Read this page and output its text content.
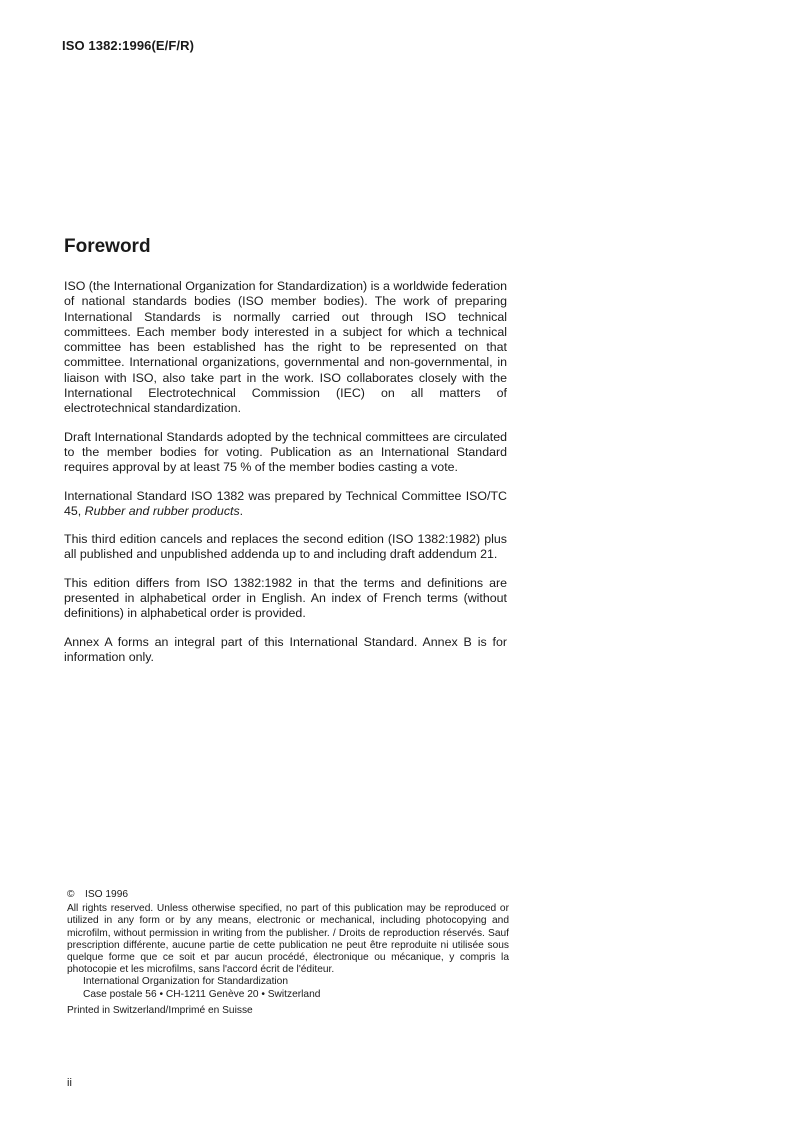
ISO 1382:1996(E/F/R)
Foreword

ISO (the International Organization for Standardization) is a worldwide federation of national standards bodies (ISO member bodies). The work of preparing International Standards is normally carried out through ISO technical committees. Each member body interested in a subject for which a technical committee has been established has the right to be represented on that committee. International organizations, governmental and non-governmental, in liaison with ISO, also take part in the work. ISO collaborates closely with the International Electrotechnical Commission (IEC) on all matters of electrotechnical standardization.

Draft International Standards adopted by the technical committees are circulated to the member bodies for voting. Publication as an International Standard requires approval by at least 75 % of the member bodies casting a vote.

International Standard ISO 1382 was prepared by Technical Committee ISO/TC 45, Rubber and rubber products.

This third edition cancels and replaces the second edition (ISO 1382:1982) plus all published and unpublished addenda up to and including draft addendum 21.

This edition differs from ISO 1382:1982 in that the terms and definitions are presented in alphabetical order in English. An index of French terms (without definitions) in alphabetical order is provided.

Annex A forms an integral part of this International Standard. Annex B is for information only.

© ISO 1996

All rights reserved. Unless otherwise specified, no part of this publication may be reproduced or utilized in any form or by any means, electronic or mechanical, including photocopying and microfilm, without permission in writing from the publisher. / Droits de reproduction réservés. Sauf prescription différente, aucune partie de cette publication ne peut être reproduite ni utilisée sous quelque forme que ce soit et par aucun procédé, électronique ou mécanique, y compris la photocopie et les microfilms, sans l'accord écrit de l'éditeur.

International Organization for Standardization

Case postale 56 • CH-1211 Genève 20 • Switzerland

Printed in Switzerland/Imprimé en Suisse

ii
